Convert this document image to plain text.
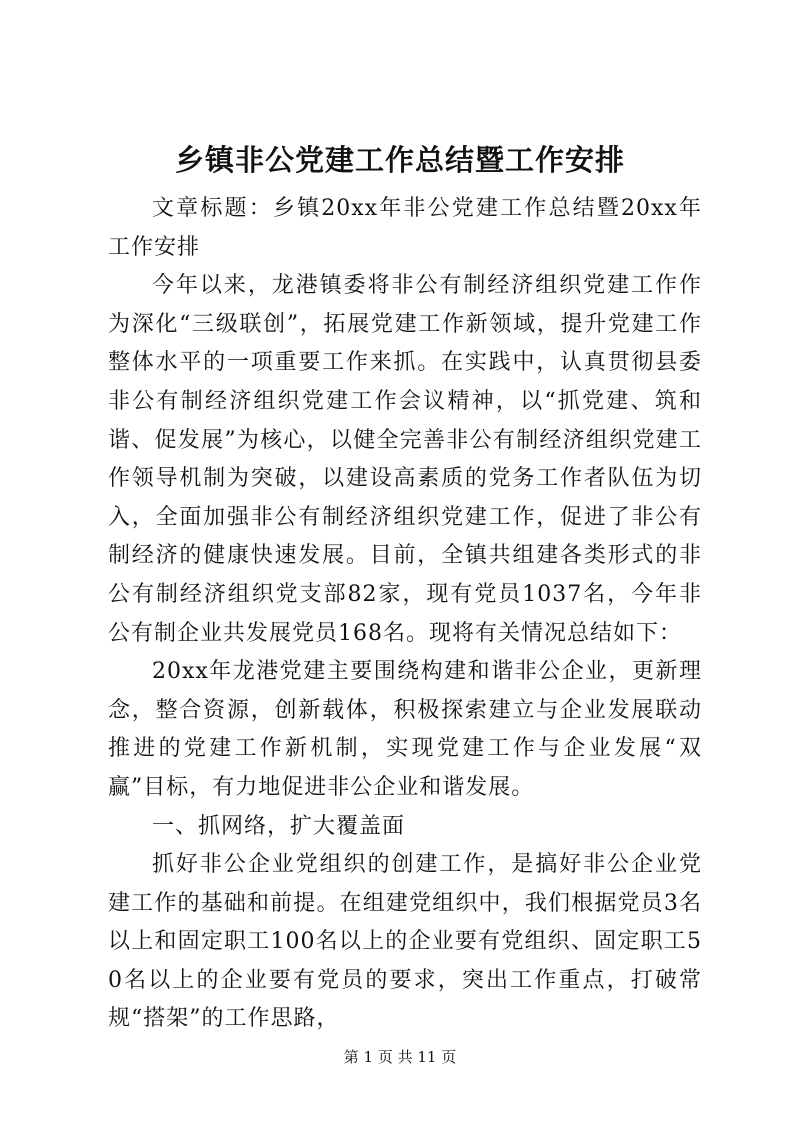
乡镇非公党建工作总结暨工作安排

文章标题：乡镇20xx年非公党建工作总结暨20xx年工作安排

今年以来，龙港镇委将非公有制经济组织党建工作作为深化“三级联创”，拓展党建工作新领域，提升党建工作整体水平的一项重要工作来抓。在实践中，认真贯彻县委非公有制经济组织党建工作会议精神，以“抓党建、筑和谐、促发展”为核心，以健全完善非公有制经济组织党建工作领导机制为突破，以建设高素质的党务工作者队伍为切入，全面加强非公有制经济组织党建工作，促进了非公有制经济的健康快速发展。目前，全镇共组建各类形式的非公有制经济组织党支部82家，现有党员1037名，今年非公有制企业共发展党员168名。现将有关情况总结如下：

20xx年龙港党建主要围绕构建和谐非公企业，更新理念，整合资源，创新载体，积极探索建立与企业发展联动推进的党建工作新机制，实现党建工作与企业发展“双赢”目标，有力地促进非公企业和谐发展。

一、抓网络，扩大覆盖面

抓好非公企业党组织的创建工作，是搞好非公企业党建工作的基础和前提。在组建党组织中，我们根据党员3名以上和固定职工100名以上的企业要有党组织、固定职工50名以上的企业要有党员的要求，突出工作重点，打破常规“搭架”的工作思路，

第 1 页 共 11 页
